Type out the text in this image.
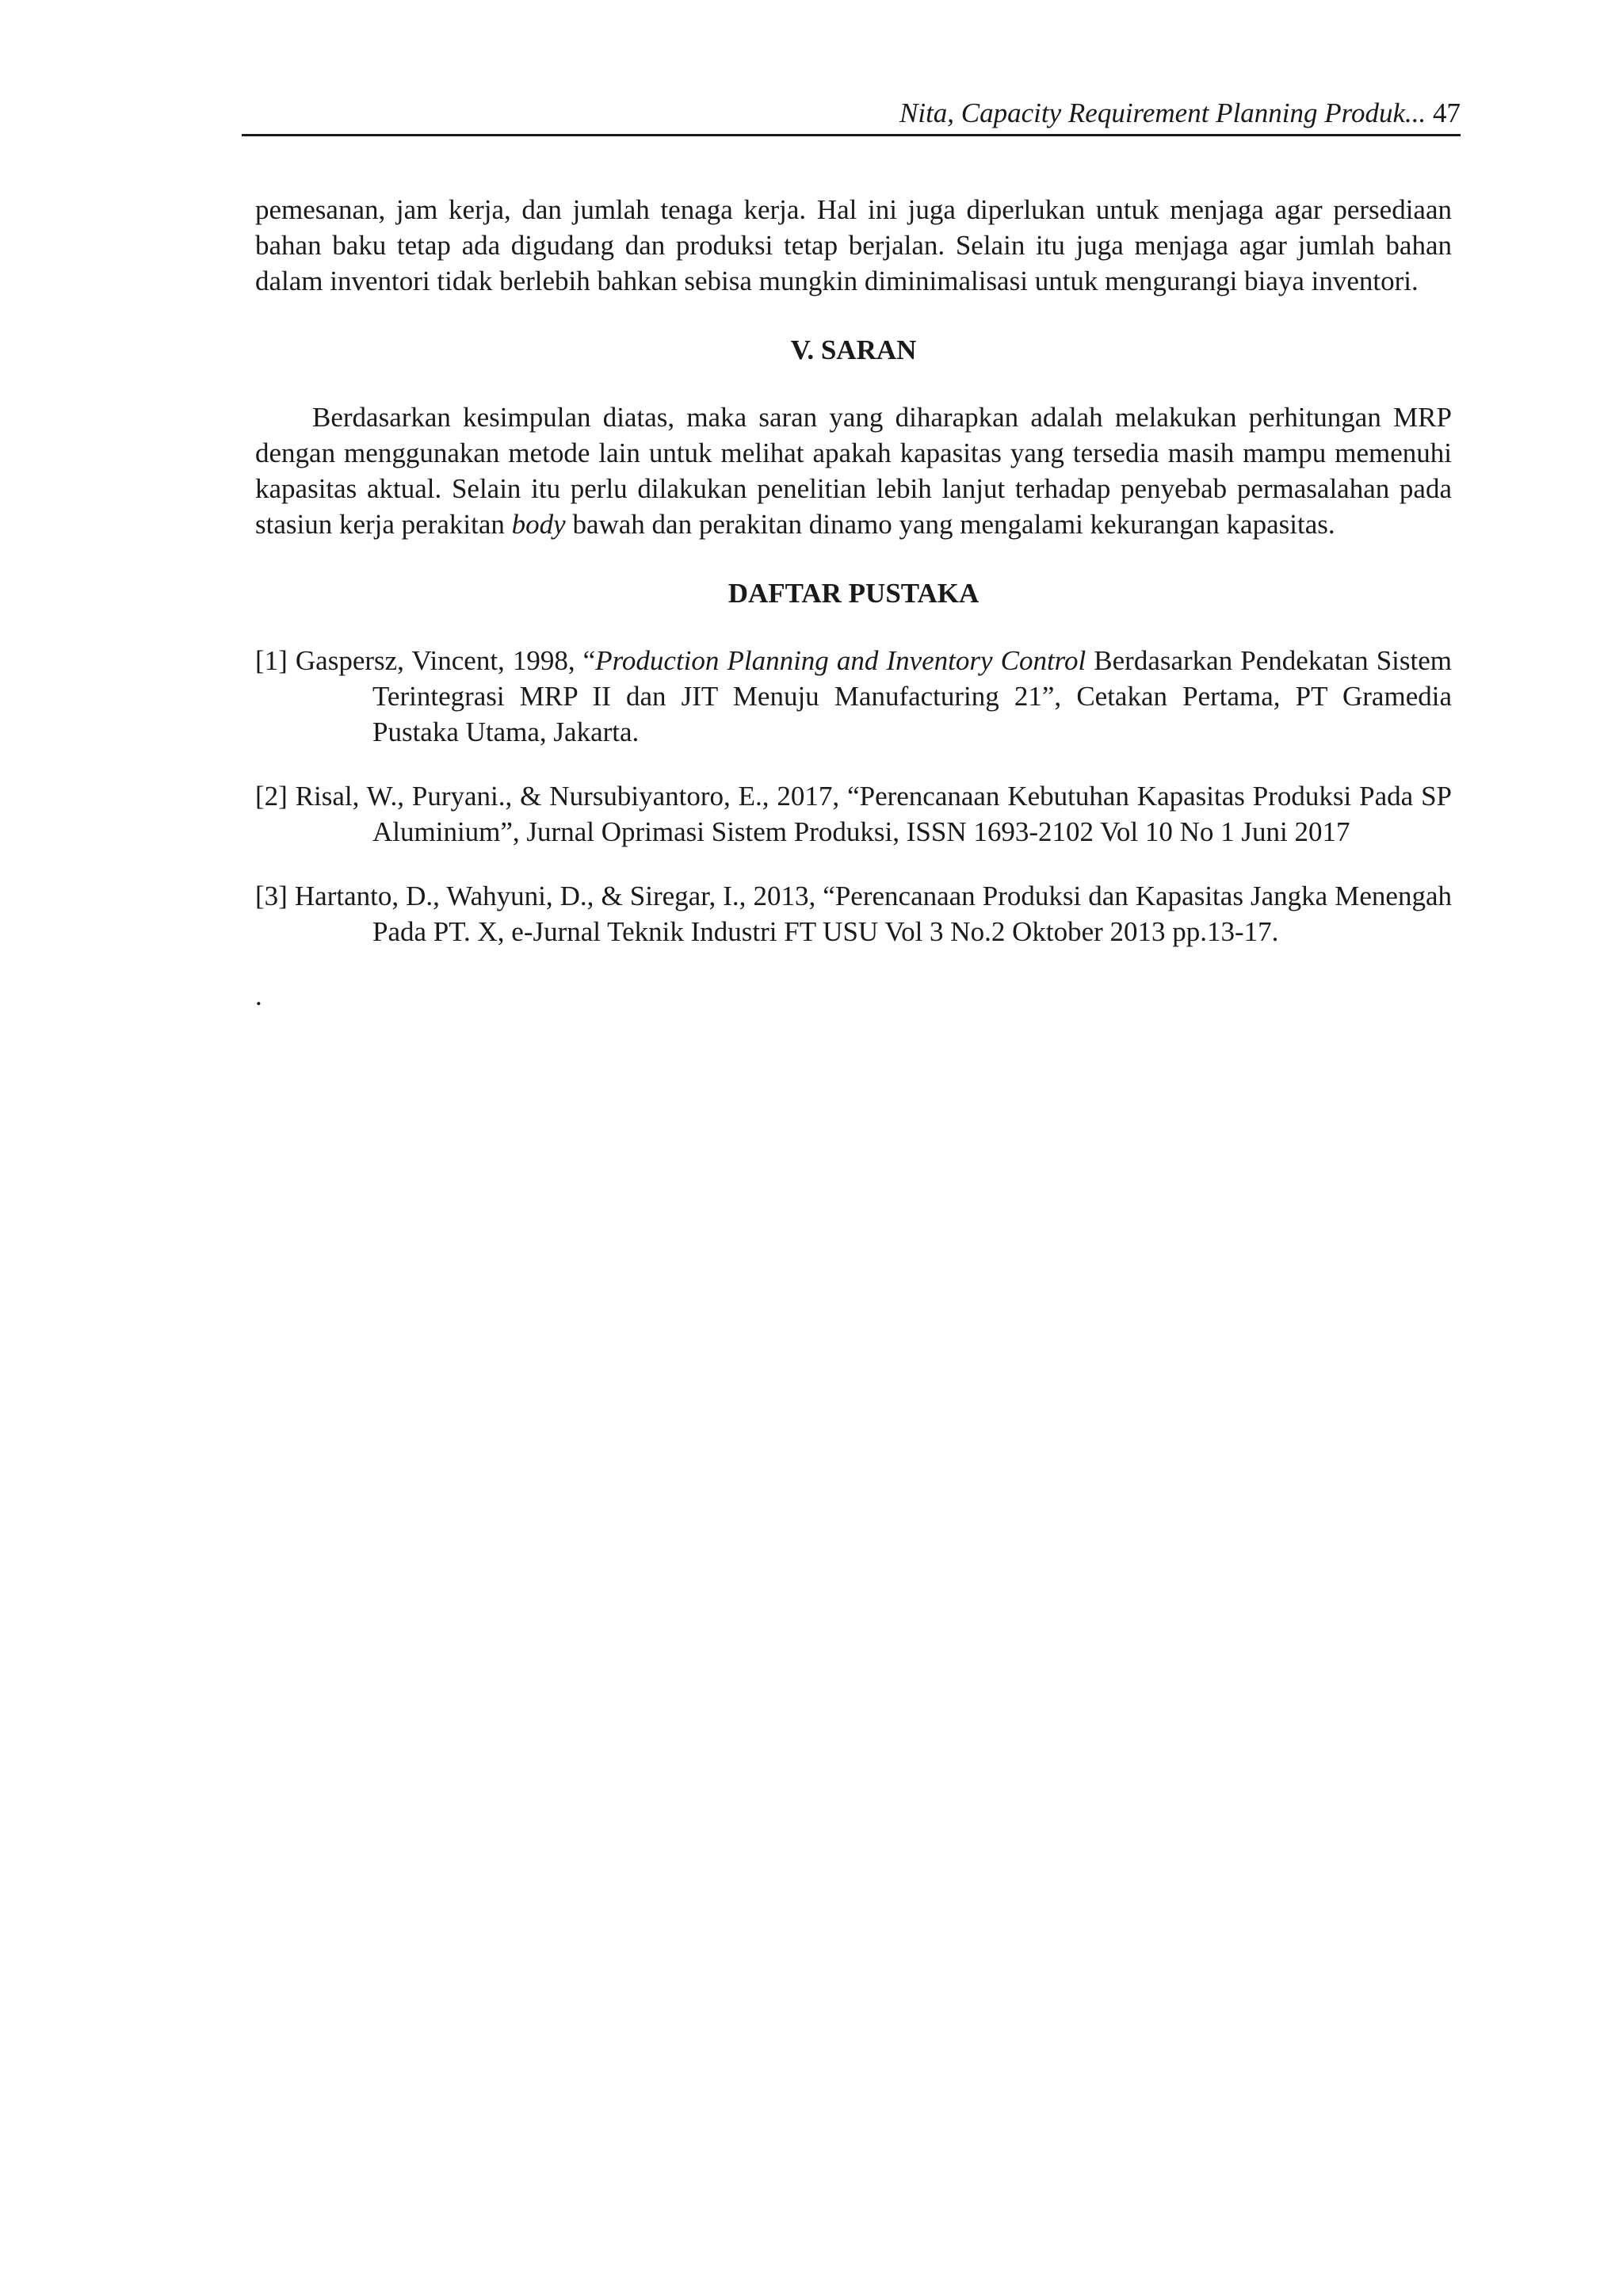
Nita, Capacity Requirement Planning Produk... 47

pemesanan, jam kerja, dan jumlah tenaga kerja. Hal ini juga diperlukan untuk menjaga agar persediaan bahan baku tetap ada digudang dan produksi tetap berjalan. Selain itu juga menjaga agar jumlah bahan dalam inventori tidak berlebih bahkan sebisa mungkin diminimalisasi untuk mengurangi biaya inventori.

V. SARAN

Berdasarkan kesimpulan diatas, maka saran yang diharapkan adalah melakukan perhitungan MRP dengan menggunakan metode lain untuk melihat apakah kapasitas yang tersedia masih mampu memenuhi kapasitas aktual. Selain itu perlu dilakukan penelitian lebih lanjut terhadap penyebab permasalahan pada stasiun kerja perakitan body bawah dan perakitan dinamo yang mengalami kekurangan kapasitas.

DAFTAR PUSTAKA

[1] Gaspersz, Vincent, 1998, “Production Planning and Inventory Control Berdasarkan Pendekatan Sistem Terintegrasi MRP II dan JIT Menuju Manufacturing 21”, Cetakan Pertama, PT Gramedia Pustaka Utama, Jakarta.

[2] Risal, W., Puryani., & Nursubiyantoro, E., 2017, “Perencanaan Kebutuhan Kapasitas Produksi Pada SP Aluminium”, Jurnal Oprimasi Sistem Produksi, ISSN 1693-2102 Vol 10 No 1 Juni 2017

[3] Hartanto, D., Wahyuni, D., & Siregar, I., 2013, “Perencanaan Produksi dan Kapasitas Jangka Menengah Pada PT. X, e-Jurnal Teknik Industri FT USU Vol 3 No.2 Oktober 2013 pp.13-17.

.
